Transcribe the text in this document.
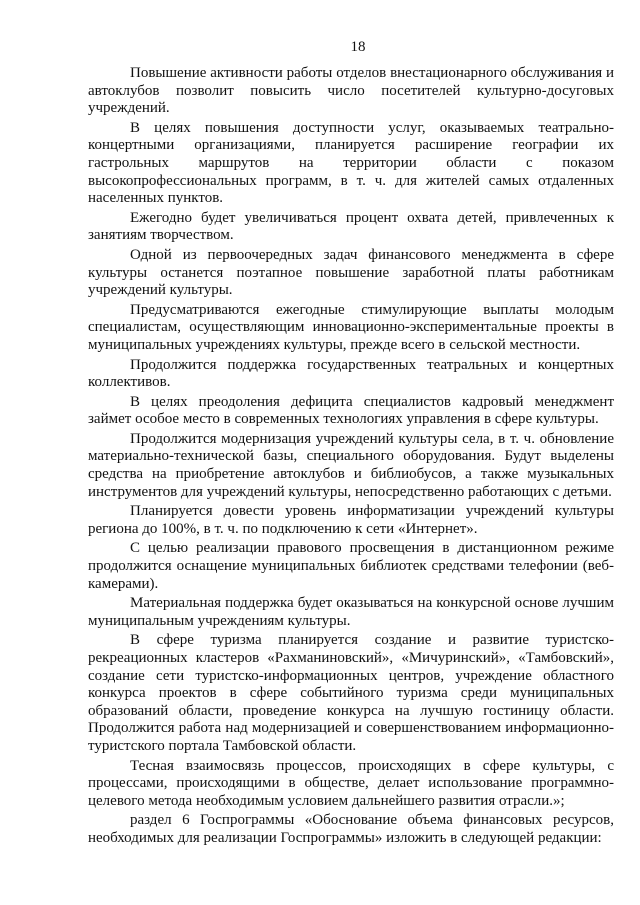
18

Повышение активности работы отделов внестационарного обслуживания и автоклубов позволит повысить число посетителей культурно-досуговых учреждений.

В целях повышения доступности услуг, оказываемых театрально-концертными организациями, планируется расширение географии их гастрольных маршрутов на территории области с показом высокопрофессиональных программ, в т. ч. для жителей самых отдаленных населенных пунктов.

Ежегодно будет увеличиваться процент охвата детей, привлеченных к занятиям творчеством.

Одной из первоочередных задач финансового менеджмента в сфере культуры останется поэтапное повышение заработной платы работникам учреждений культуры.

Предусматриваются ежегодные стимулирующие выплаты молодым специалистам, осуществляющим инновационно-экспериментальные проекты в муниципальных учреждениях культуры, прежде всего в сельской местности.

Продолжится поддержка государственных театральных и концертных коллективов.

В целях преодоления дефицита специалистов кадровый менеджмент займет особое место в современных технологиях управления в сфере культуры.

Продолжится модернизация учреждений культуры села, в т. ч. обновление материально-технической базы, специального оборудования. Будут выделены средства на приобретение автоклубов и библиобусов, а также музыкальных инструментов для учреждений культуры, непосредственно работающих с детьми.

Планируется довести уровень информатизации учреждений культуры региона до 100%, в т. ч. по подключению к сети «Интернет».

С целью реализации правового просвещения в дистанционном режиме продолжится оснащение муниципальных библиотек средствами телефонии (веб-камерами).

Материальная поддержка будет оказываться на конкурсной основе лучшим муниципальным учреждениям культуры.

В сфере туризма планируется создание и развитие туристско-рекреационных кластеров «Рахманиновский», «Мичуринский», «Тамбовский», создание сети туристско-информационных центров, учреждение областного конкурса проектов в сфере событийного туризма среди муниципальных образований области, проведение конкурса на лучшую гостиницу области. Продолжится работа над модернизацией и совершенствованием информационно-туристского портала Тамбовской области.

Тесная взаимосвязь процессов, происходящих в сфере культуры, с процессами, происходящими в обществе, делает использование программно-целевого метода необходимым условием дальнейшего развития отрасли.»;

раздел 6 Госпрограммы «Обоснование объема финансовых ресурсов, необходимых для реализации Госпрограммы» изложить в следующей редакции:
